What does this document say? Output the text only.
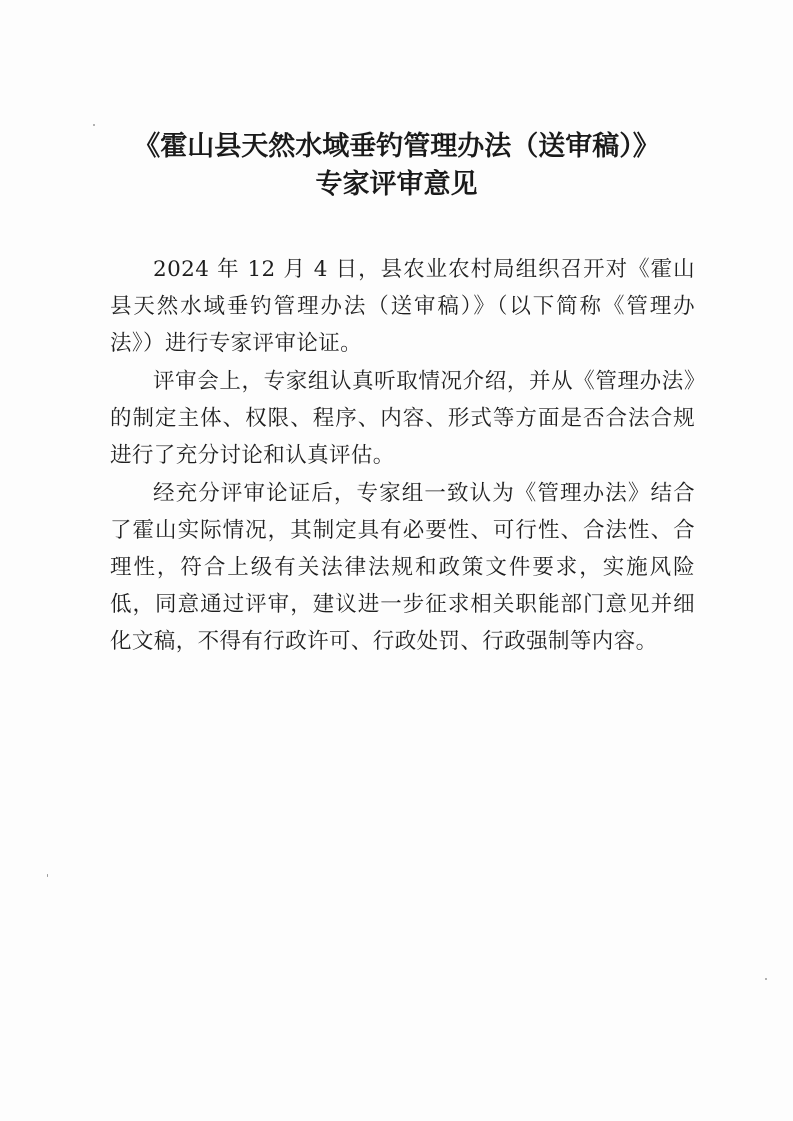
《霍山县天然水域垂钓管理办法（送审稿）》
专家评审意见

2024 年 12 月 4 日，县农业农村局组织召开对《霍山县天然水域垂钓管理办法（送审稿）》（以下简称《管理办法》）进行专家评审论证。

评审会上，专家组认真听取情况介绍，并从《管理办法》的制定主体、权限、程序、内容、形式等方面是否合法合规进行了充分讨论和认真评估。

经充分评审论证后，专家组一致认为《管理办法》结合了霍山实际情况，其制定具有必要性、可行性、合法性、合理性，符合上级有关法律法规和政策文件要求，实施风险低，同意通过评审，建议进一步征求相关职能部门意见并细化文稿，不得有行政许可、行政处罚、行政强制等内容。
